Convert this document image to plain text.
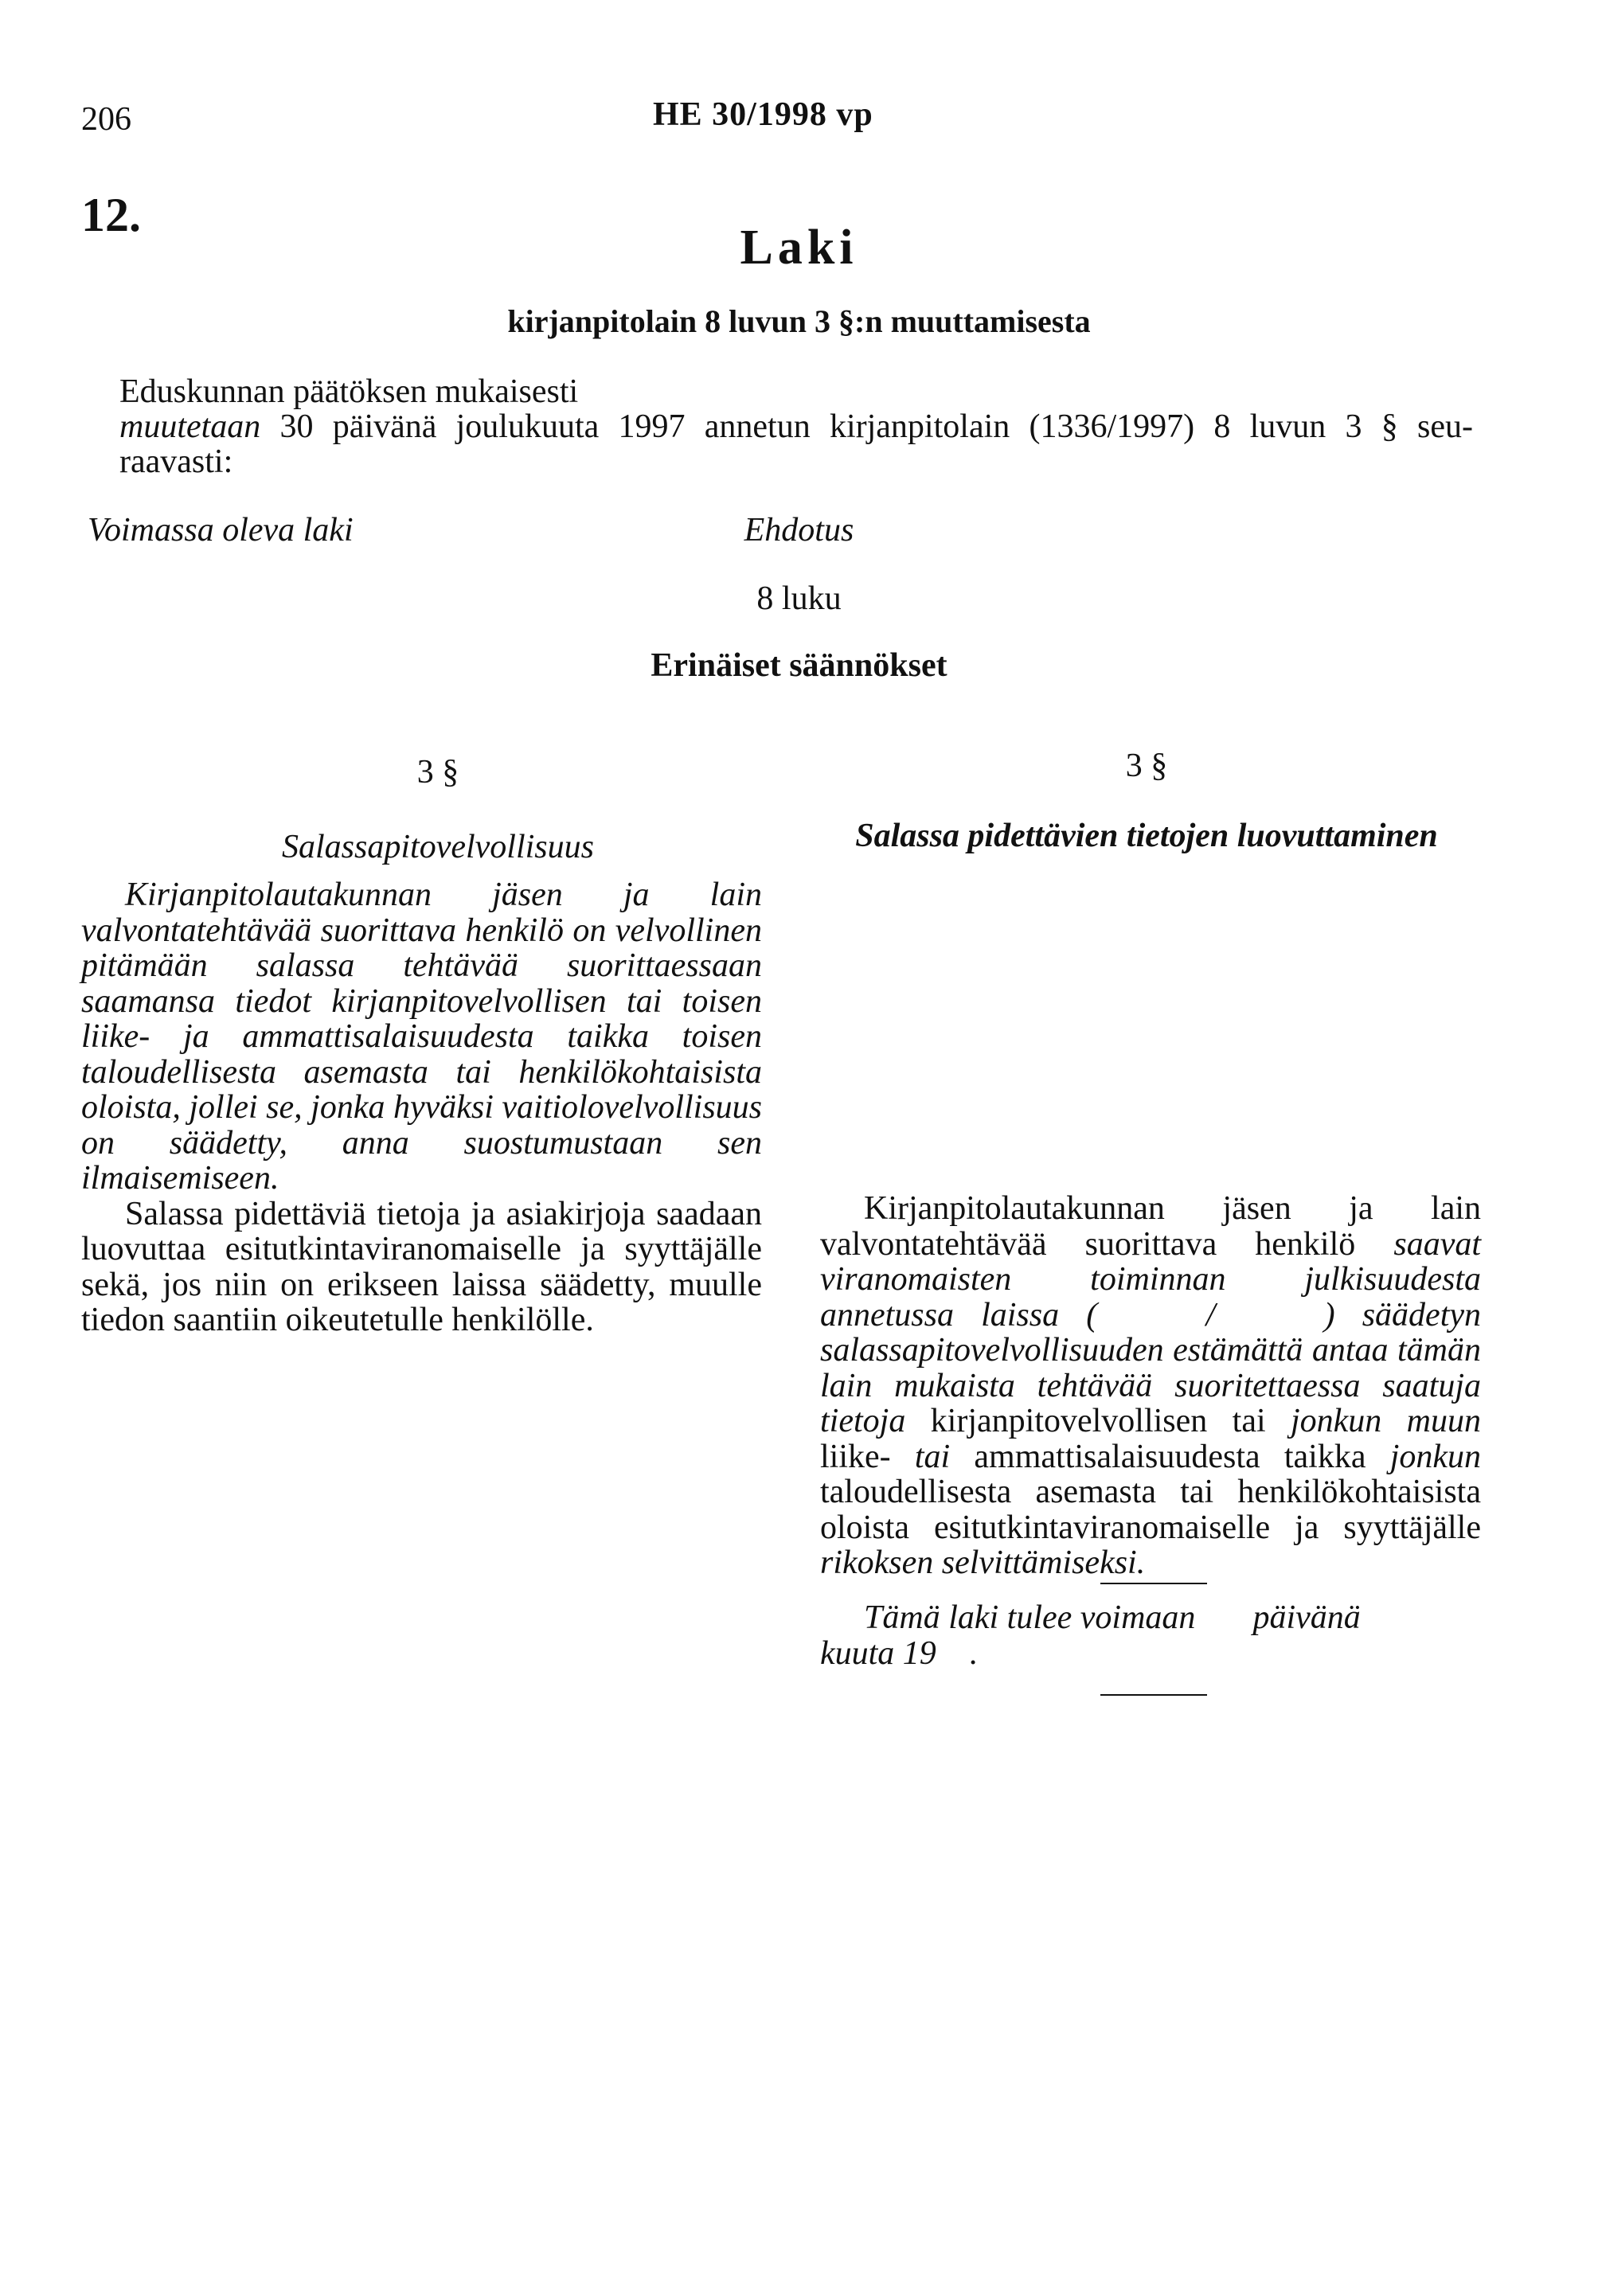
206	HE 30/1998 vp
12.
Laki
kirjanpitolain 8 luvun 3 §:n muuttamisesta
Eduskunnan päätöksen mukaisesti
muutetaan 30 päivänä joulukuuta 1997 annetun kirjanpitolain (1336/1997) 8 luvun 3 § seu-
raavasti:
Voimassa oleva laki	Ehdotus
8 luku
Erinäiset säännökset
3 §	3 §
Salassapitovelvollisuus	Salassa pidettävien tietojen luovuttaminen

Kirjanpitolautakunnan jäsen ja lain valvontatehtävää suorittava henkilö on velvollinen pitämään salassa tehtävää suorittaessaan saamansa tiedot kirjanpitovelvollisen tai toisen liike- ja ammattisalaisuudesta taikka toisen taloudellisesta asemasta tai henkilökohtaisista oloista, jollei se, jonka hyväksi vaitiolovelvollisuus on säädetty, anna suostumustaan sen ilmaisemiseen.

Salassa pidettäviä tietoja ja asiakirjoja saadaan luovuttaa esitutkintaviranomaiselle ja syyttäjälle sekä, jos niin on erikseen laissa säädetty, muulle tiedon saantiin oikeutetulle henkilölle.

Kirjanpitolautakunnan jäsen ja lain valvontatehtävää suorittava henkilö saavat viranomaisten toiminnan julkisuudesta annetussa laissa (	/	) säädetyn salassapitovelvollisuuden estämättä antaa tämän lain mukaista tehtävää suoritettaessa saatuja tietoja kirjanpitovelvollisen tai jonkun muun liike- tai ammattisalaisuudesta taikka jonkun taloudellisesta asemasta tai henkilökohtaisista oloista esitutkintaviranomaiselle ja syyttäjälle rikoksen selvittämiseksi.

Tämä laki tulee voimaan päivänä
kuuta 19 .
